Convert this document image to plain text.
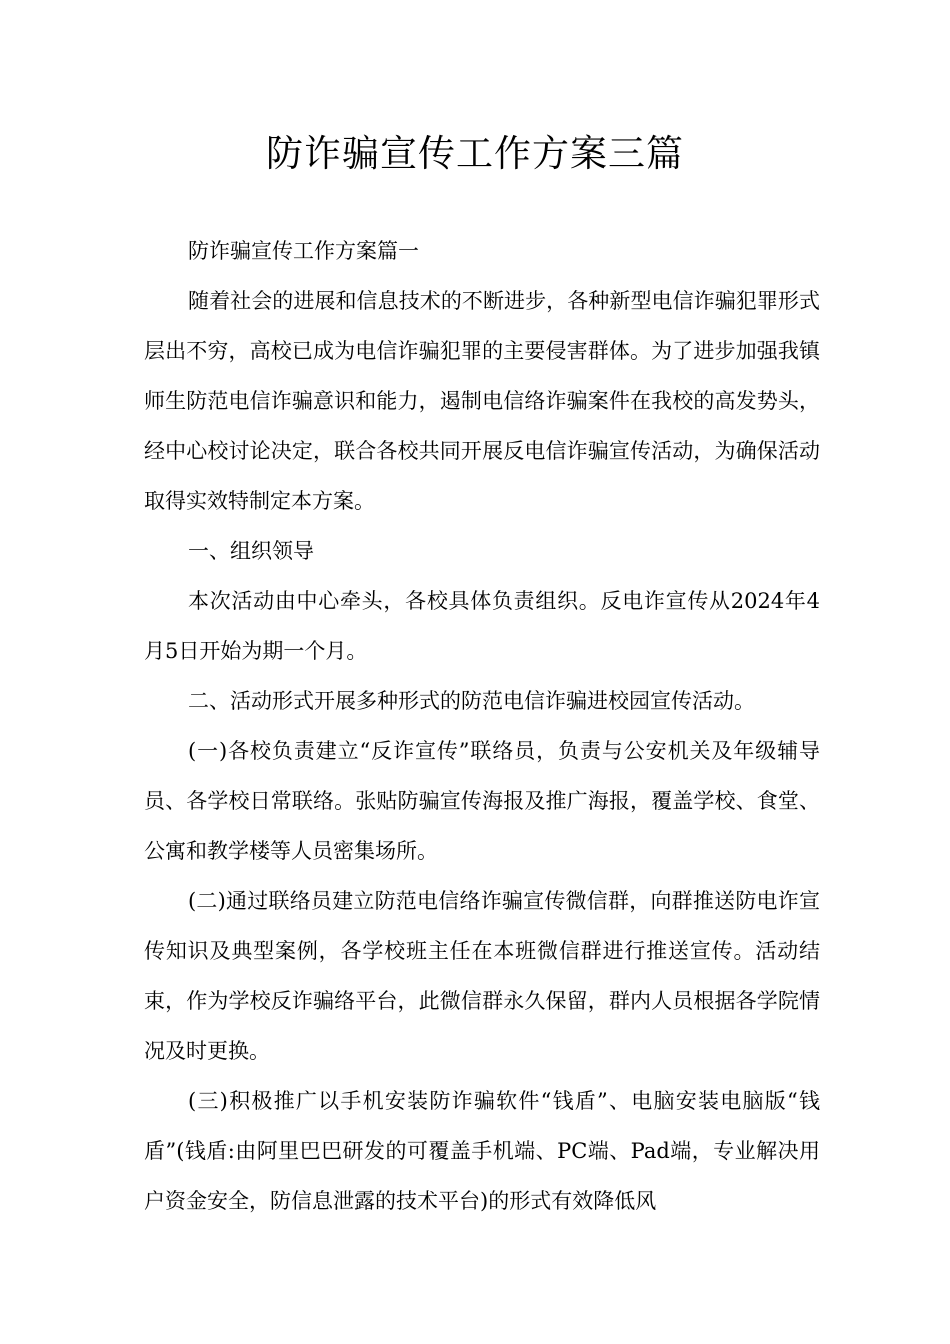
防诈骗宣传工作方案三篇

防诈骗宣传工作方案篇一

随着社会的进展和信息技术的不断进步，各种新型电信诈骗犯罪形式层出不穷，高校已成为电信诈骗犯罪的主要侵害群体。为了进步加强我镇师生防范电信诈骗意识和能力，遏制电信络诈骗案件在我校的高发势头，经中心校讨论决定，联合各校共同开展反电信诈骗宣传活动，为确保活动取得实效特制定本方案。

一、组织领导

本次活动由中心牵头，各校具体负责组织。反电诈宣传从2024年4月5日开始为期一个月。

二、活动形式开展多种形式的防范电信诈骗进校园宣传活动。

(一)各校负责建立“反诈宣传”联络员，负责与公安机关及年级辅导员、各学校日常联络。张贴防骗宣传海报及推广海报，覆盖学校、食堂、公寓和教学楼等人员密集场所。

(二)通过联络员建立防范电信络诈骗宣传微信群，向群推送防电诈宣传知识及典型案例，各学校班主任在本班微信群进行推送宣传。活动结束，作为学校反诈骗络平台，此微信群永久保留，群内人员根据各学院情况及时更换。

(三)积极推广以手机安装防诈骗软件“钱盾”、电脑安装电脑版“钱盾”(钱盾:由阿里巴巴研发的可覆盖手机端、PC端、Pad端，专业解决用户资金安全，防信息泄露的技术平台)的形式有效降低风
